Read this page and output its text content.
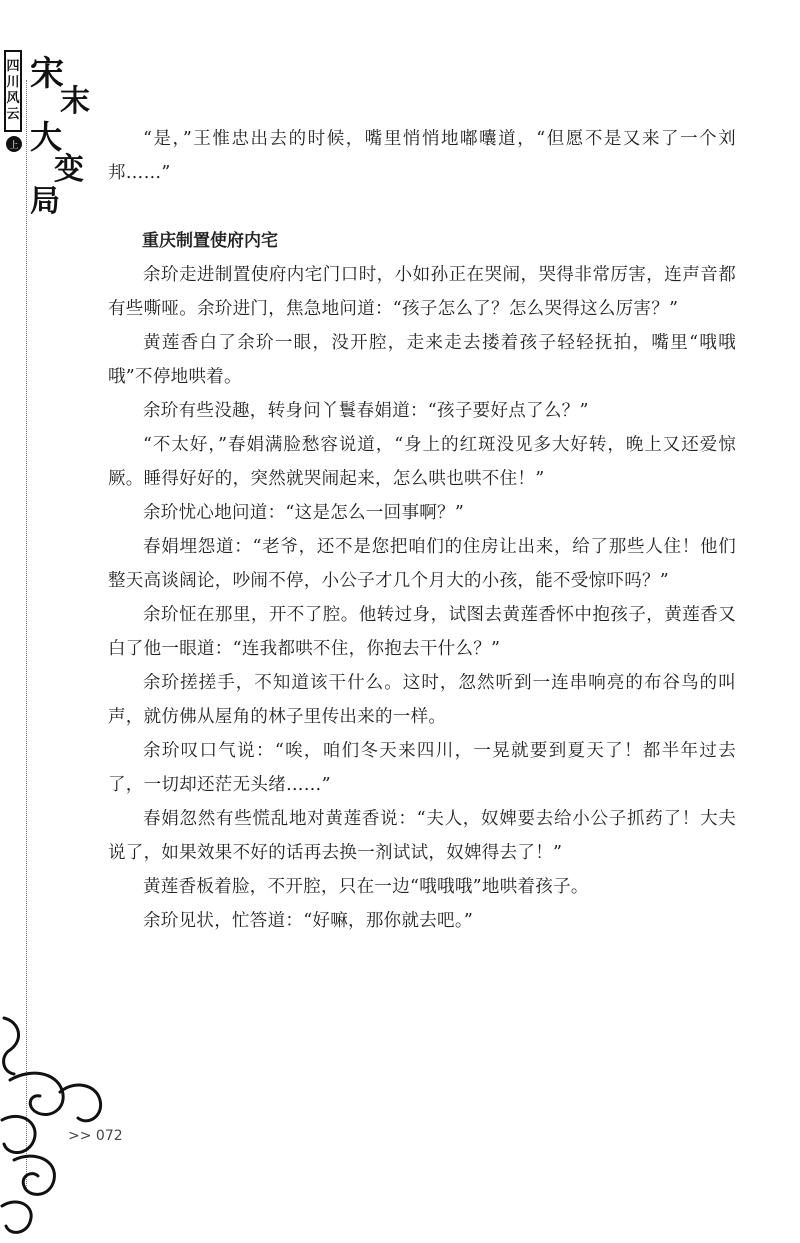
四
川
风
云
上
宋
末
大
变
局

“是，”王惟忠出去的时候，嘴里悄悄地嘟囔道，“但愿不是又来了一个刘邦……”

重庆制置使府内宅

余玠走进制置使府内宅门口时，小如孙正在哭闹，哭得非常厉害，连声音都有些嘶哑。余玠进门，焦急地问道：“孩子怎么了？怎么哭得这么厉害？”

黄莲香白了余玠一眼，没开腔，走来走去搂着孩子轻轻抚拍，嘴里“哦哦哦”不停地哄着。

余玠有些没趣，转身问丫鬟春娟道：“孩子要好点了么？”

“不太好，”春娟满脸愁容说道，“身上的红斑没见多大好转，晚上又还爱惊厥。睡得好好的，突然就哭闹起来，怎么哄也哄不住！”

余玠忧心地问道：“这是怎么一回事啊？”

春娟埋怨道：“老爷，还不是您把咱们的住房让出来，给了那些人住！他们整天高谈阔论，吵闹不停，小公子才几个月大的小孩，能不受惊吓吗？”

余玠怔在那里，开不了腔。他转过身，试图去黄莲香怀中抱孩子，黄莲香又白了他一眼道：“连我都哄不住，你抱去干什么？”

余玠搓搓手，不知道该干什么。这时，忽然听到一连串响亮的布谷鸟的叫声，就仿佛从屋角的林子里传出来的一样。

余玠叹口气说：“唉，咱们冬天来四川，一晃就要到夏天了！都半年过去了，一切却还茫无头绪……”

春娟忽然有些慌乱地对黄莲香说：“夫人，奴婢要去给小公子抓药了！大夫说了，如果效果不好的话再去换一剂试试，奴婢得去了！”

黄莲香板着脸，不开腔，只在一边“哦哦哦”地哄着孩子。

余玠见状，忙答道：“好嘛，那你就去吧。”

>> 072
